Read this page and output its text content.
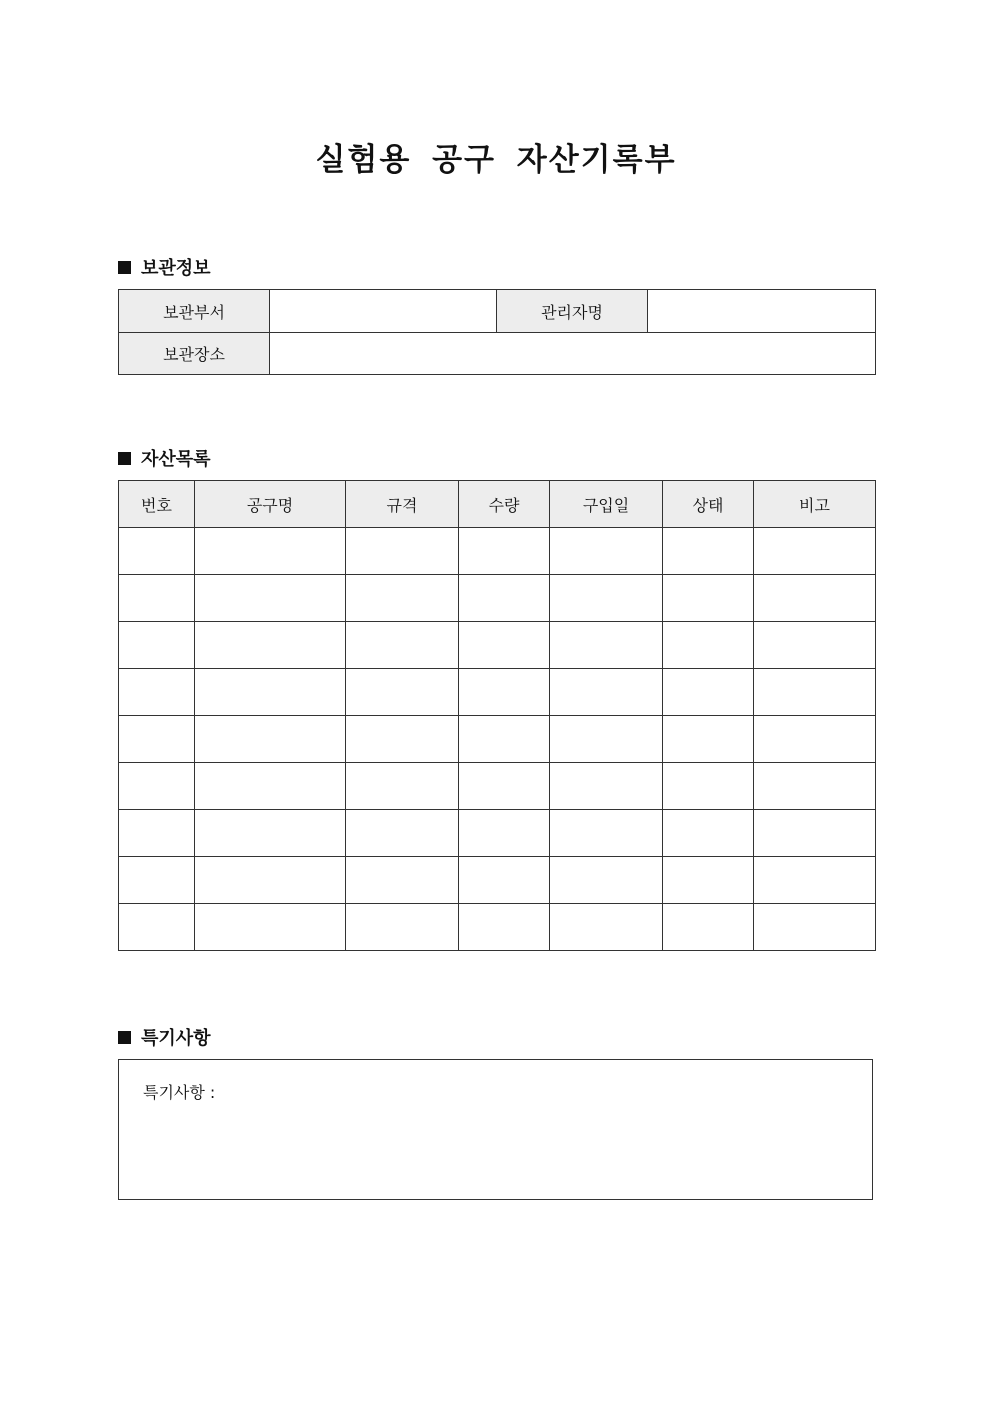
실험용 공구 자산기록부
보관정보
보관부서		관리자명	
보관장소			
자산목록
번호	공구명	규격	수량	구입일	상태	비고

특기사항
특기사항 :
